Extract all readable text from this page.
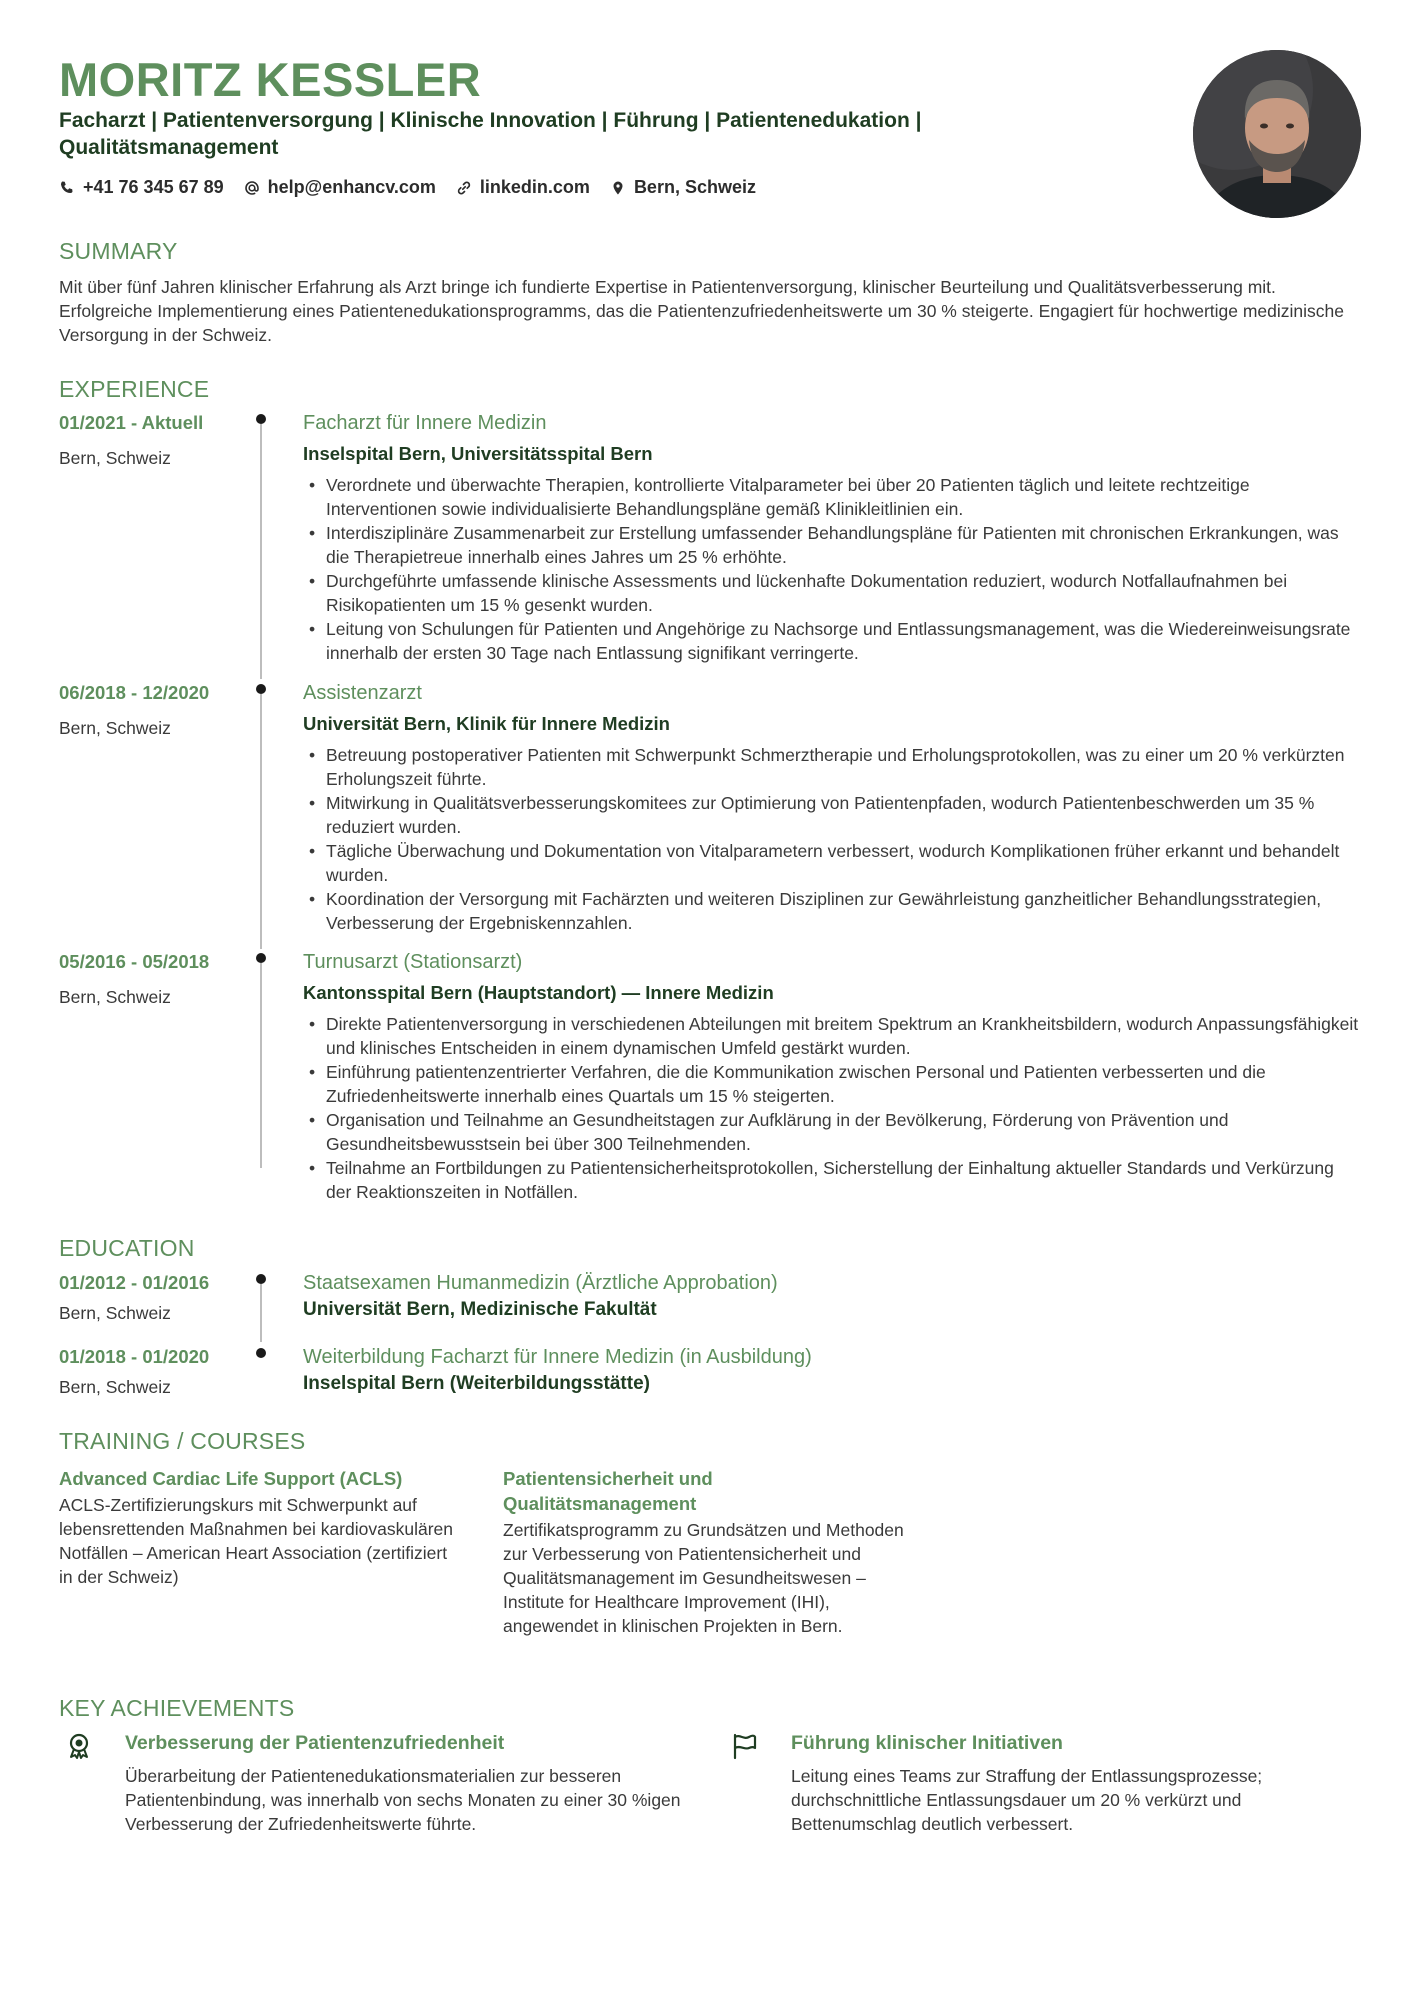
MORITZ KESSLER
Facharzt | Patientenversorgung | Klinische Innovation | Führung | Patientenedukation | Qualitätsmanagement
+41 76 345 67 89 help@enhancv.com linkedin.com Bern, Schweiz
SUMMARY
Mit über fünf Jahren klinischer Erfahrung als Arzt bringe ich fundierte Expertise in Patientenversorgung, klinischer Beurteilung und Qualitätsverbesserung mit. Erfolgreiche Implementierung eines Patientenedukationsprogramms, das die Patientenzufriedenheitswerte um 30 % steigerte. Engagiert für hochwertige medizinische Versorgung in der Schweiz.
EXPERIENCE
01/2021 - Aktuell
Bern, Schweiz
Facharzt für Innere Medizin
Inselspital Bern, Universitätsspital Bern
• Verordnete und überwachte Therapien, kontrollierte Vitalparameter bei über 20 Patienten täglich und leitete rechtzeitige Interventionen sowie individualisierte Behandlungspläne gemäß Klinikleitlinien ein.
• Interdisziplinäre Zusammenarbeit zur Erstellung umfassender Behandlungspläne für Patienten mit chronischen Erkrankungen, was die Therapietreue innerhalb eines Jahres um 25 % erhöhte.
• Durchgeführte umfassende klinische Assessments und lückenhafte Dokumentation reduziert, wodurch Notfallaufnahmen bei Risikopatienten um 15 % gesenkt wurden.
• Leitung von Schulungen für Patienten und Angehörige zu Nachsorge und Entlassungsmanagement, was die Wiedereinweisungsrate innerhalb der ersten 30 Tage nach Entlassung signifikant verringerte.
06/2018 - 12/2020
Bern, Schweiz
Assistenzarzt
Universität Bern, Klinik für Innere Medizin
• Betreuung postoperativer Patienten mit Schwerpunkt Schmerztherapie und Erholungsprotokollen, was zu einer um 20 % verkürzten Erholungszeit führte.
• Mitwirkung in Qualitätsverbesserungskomitees zur Optimierung von Patientenpfaden, wodurch Patientenbeschwerden um 35 % reduziert wurden.
• Tägliche Überwachung und Dokumentation von Vitalparametern verbessert, wodurch Komplikationen früher erkannt und behandelt wurden.
• Koordination der Versorgung mit Fachärzten und weiteren Disziplinen zur Gewährleistung ganzheitlicher Behandlungsstrategien, Verbesserung der Ergebniskennzahlen.
05/2016 - 05/2018
Bern, Schweiz
Turnusarzt (Stationsarzt)
Kantonsspital Bern (Hauptstandort) — Innere Medizin
• Direkte Patientenversorgung in verschiedenen Abteilungen mit breitem Spektrum an Krankheitsbildern, wodurch Anpassungsfähigkeit und klinisches Entscheiden in einem dynamischen Umfeld gestärkt wurden.
• Einführung patientenzentrierter Verfahren, die die Kommunikation zwischen Personal und Patienten verbesserten und die Zufriedenheitswerte innerhalb eines Quartals um 15 % steigerten.
• Organisation und Teilnahme an Gesundheitstagen zur Aufklärung in der Bevölkerung, Förderung von Prävention und Gesundheitsbewusstsein bei über 300 Teilnehmenden.
• Teilnahme an Fortbildungen zu Patientensicherheitsprotokollen, Sicherstellung der Einhaltung aktueller Standards und Verkürzung der Reaktionszeiten in Notfällen.
EDUCATION
01/2012 - 01/2016
Bern, Schweiz
Staatsexamen Humanmedizin (Ärztliche Approbation)
Universität Bern, Medizinische Fakultät
01/2018 - 01/2020
Bern, Schweiz
Weiterbildung Facharzt für Innere Medizin (in Ausbildung)
Inselspital Bern (Weiterbildungsstätte)
TRAINING / COURSES
Advanced Cardiac Life Support (ACLS)
ACLS-Zertifizierungskurs mit Schwerpunkt auf lebensrettenden Maßnahmen bei kardiovaskulären Notfällen – American Heart Association (zertifiziert in der Schweiz)
Patientensicherheit und Qualitätsmanagement
Zertifikatsprogramm zu Grundsätzen und Methoden zur Verbesserung von Patientensicherheit und Qualitätsmanagement im Gesundheitswesen – Institute for Healthcare Improvement (IHI), angewendet in klinischen Projekten in Bern.
KEY ACHIEVEMENTS
Verbesserung der Patientenzufriedenheit
Überarbeitung der Patientenedukationsmaterialien zur besseren Patientenbindung, was innerhalb von sechs Monaten zu einer 30 %igen Verbesserung der Zufriedenheitswerte führte.
Führung klinischer Initiativen
Leitung eines Teams zur Straffung der Entlassungsprozesse; durchschnittliche Entlassungsdauer um 20 % verkürzt und Bettenumschlag deutlich verbessert.
